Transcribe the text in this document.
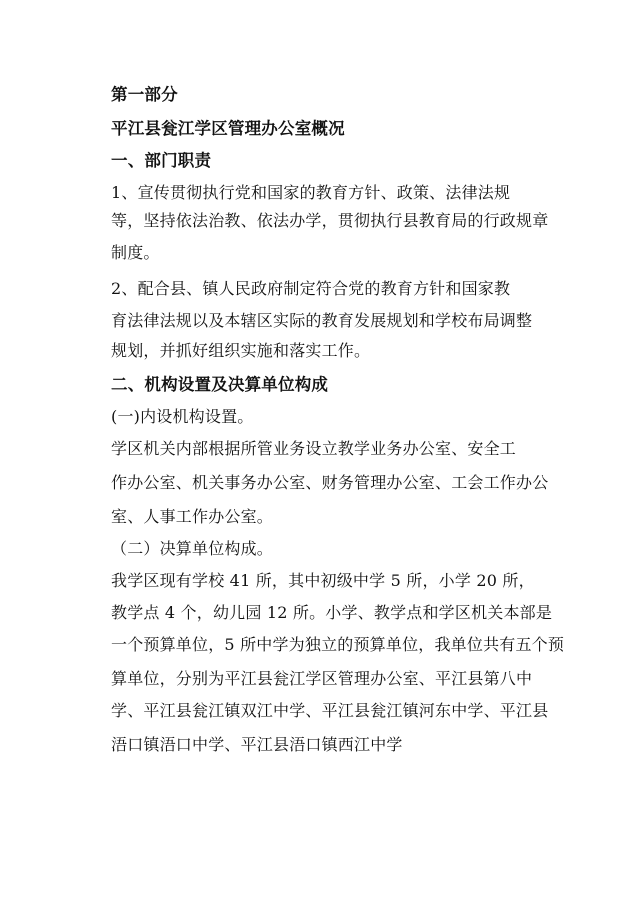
第一部分
平江县瓮江学区管理办公室概况
一、部门职责
1、宣传贯彻执行党和国家的教育方针、政策、法律法规
等，坚持依法治教、依法办学，贯彻执行县教育局的行政规章
制度。
2、配合县、镇人民政府制定符合党的教育方针和国家教
育法律法规以及本辖区实际的教育发展规划和学校布局调整
规划，并抓好组织实施和落实工作。
二、机构设置及决算单位构成
(一)内设机构设置。
学区机关内部根据所管业务设立教学业务办公室、安全工
作办公室、机关事务办公室、财务管理办公室、工会工作办公
室、人事工作办公室。
（二）决算单位构成。
我学区现有学校 41 所，其中初级中学 5 所，小学 20 所，
教学点 4 个，幼儿园 12 所。小学、教学点和学区机关本部是
一个预算单位，5 所中学为独立的预算单位，我单位共有五个预
算单位，分别为平江县瓮江学区管理办公室、平江县第八中
学、平江县瓮江镇双江中学、平江县瓮江镇河东中学、平江县
浯口镇浯口中学、平江县浯口镇西江中学
